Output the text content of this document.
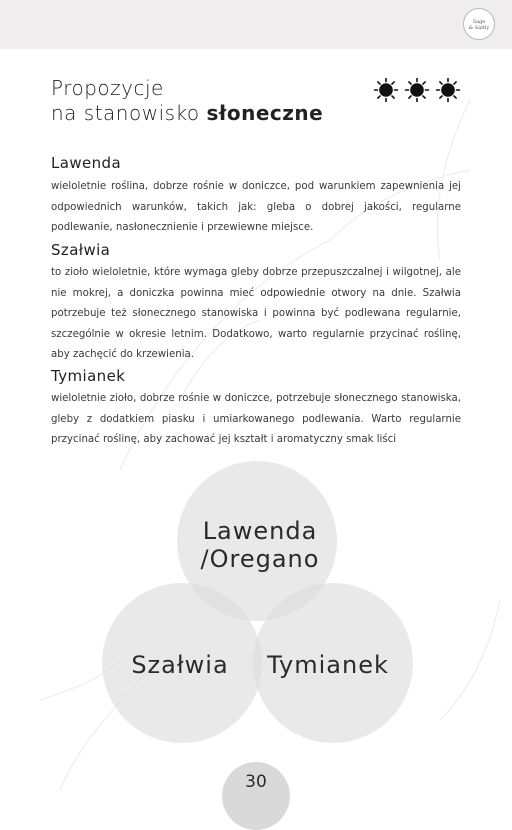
Sage
& Saltly
Propozycje
na stanowisko słoneczne
Lawenda
wieloletnie roślina, dobrze rośnie w doniczce, pod warunkiem zapewnienia jej odpowiednich warunków, takich jak: gleba o dobrej jakości, regularne podlewanie, nasłonecznienie i przewiewne miejsce.
Szałwia
to zioło wieloletnie, które wymaga gleby dobrze przepuszczalnej i wilgotnej, ale nie mokrej, a doniczka powinna mieć odpowiednie otwory na dnie. Szałwia potrzebuje też słonecznego stanowiska i powinna być podlewana regularnie, szczególnie w okresie letnim. Dodatkowo, warto regularnie przycinać roślinę, aby zachęcić do krzewienia.
Tymianek
wieloletnie zioło, dobrze rośnie w doniczce, potrzebuje słonecznego stanowiska, gleby z dodatkiem piasku i umiarkowanego podlewania. Warto regularnie przycinać roślinę, aby zachować jej kształt i aromatyczny smak liści
Lawenda
/Oregano
Szałwia	Tymianek
30
